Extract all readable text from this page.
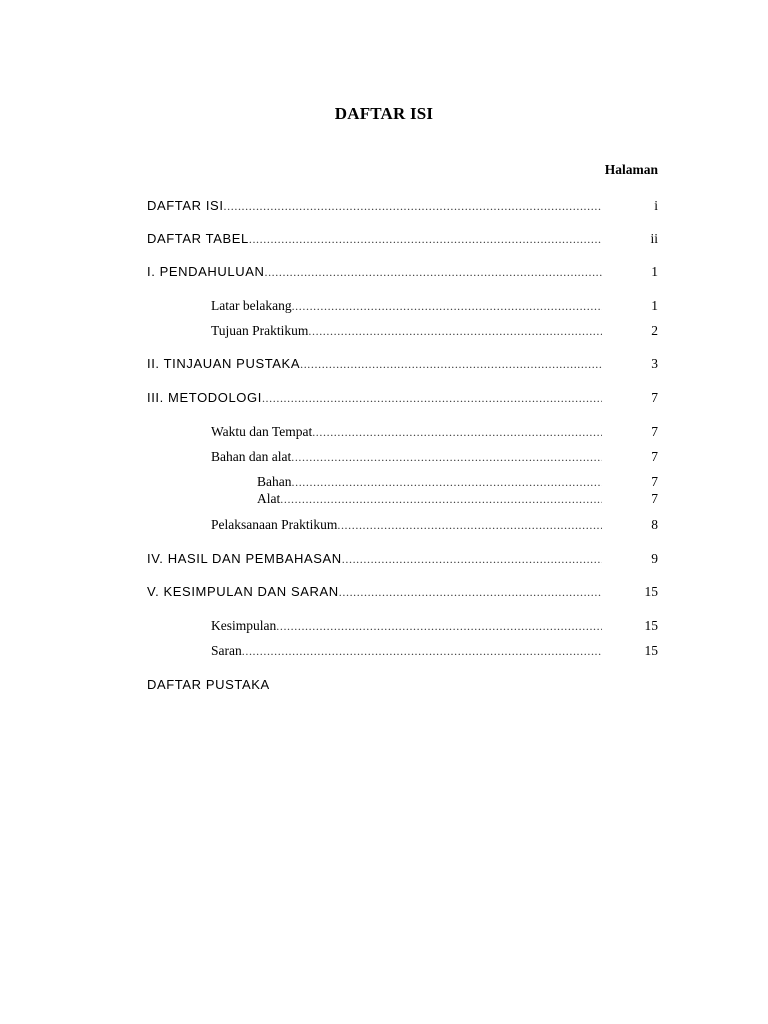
DAFTAR ISI
Halaman
DAFTAR ISI .....	i
DAFTAR TABEL .....	ii
I. PENDAHULUAN .....	1
Latar belakang .....	1
Tujuan Praktikum .....	2
II. TINJAUAN PUSTAKA .....	3
III. METODOLOGI .....	7
Waktu dan Tempat .....	7
Bahan dan alat .....	7
Bahan .....	7
Alat .....	7
Pelaksanaan Praktikum .....	8
IV. HASIL DAN PEMBAHASAN .....	9
V. KESIMPULAN DAN SARAN .....	15
Kesimpulan .....	15
Saran .....	15
DAFTAR PUSTAKA
